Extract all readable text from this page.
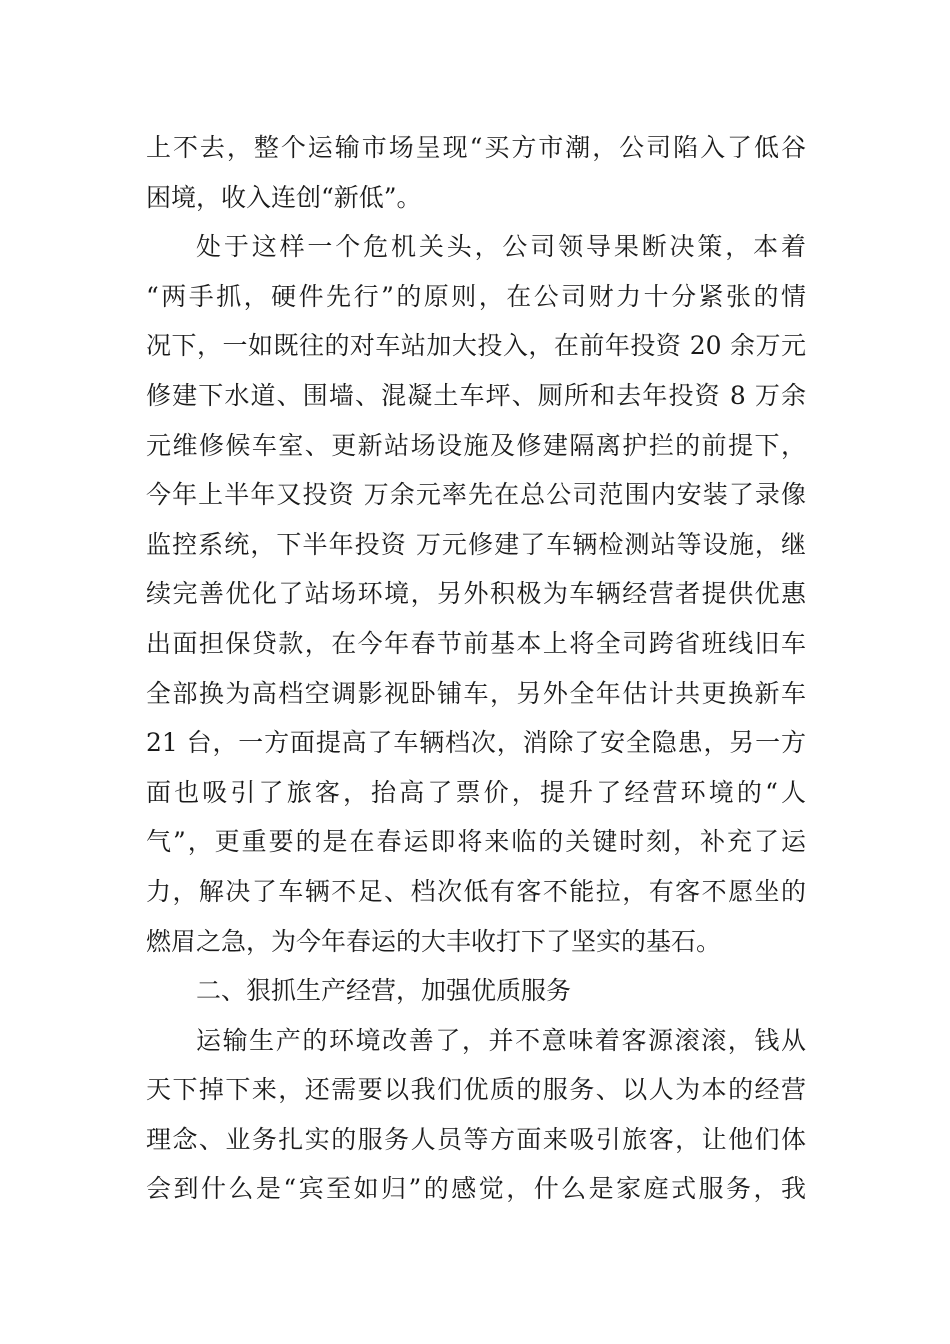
上不去，整个运输市场呈现“买方市潮，公司陷入了低谷
困境，收入连创“新低”。
处于这样一个危机关头，公司领导果断决策，本着
“两手抓，硬件先行”的原则，在公司财力十分紧张的情
况下，一如既往的对车站加大投入，在前年投资 20 余万元
修建下水道、围墙、混凝土车坪、厕所和去年投资 8 万余
元维修候车室、更新站场设施及修建隔离护拦的前提下，
今年上半年又投资 万余元率先在总公司范围内安装了录像
监控系统，下半年投资 万元修建了车辆检测站等设施，继
续完善优化了站场环境，另外积极为车辆经营者提供优惠
出面担保贷款，在今年春节前基本上将全司跨省班线旧车
全部换为高档空调影视卧铺车，另外全年估计共更换新车
21 台，一方面提高了车辆档次，消除了安全隐患，另一方
面也吸引了旅客，抬高了票价，提升了经营环境的“人
气”，更重要的是在春运即将来临的关键时刻，补充了运
力，解决了车辆不足、档次低有客不能拉，有客不愿坐的
燃眉之急，为今年春运的大丰收打下了坚实的基石。
二、狠抓生产经营，加强优质服务
运输生产的环境改善了，并不意味着客源滚滚，钱从
天下掉下来，还需要以我们优质的服务、以人为本的经营
理念、业务扎实的服务人员等方面来吸引旅客，让他们体
会到什么是“宾至如归”的感觉，什么是家庭式服务，我
